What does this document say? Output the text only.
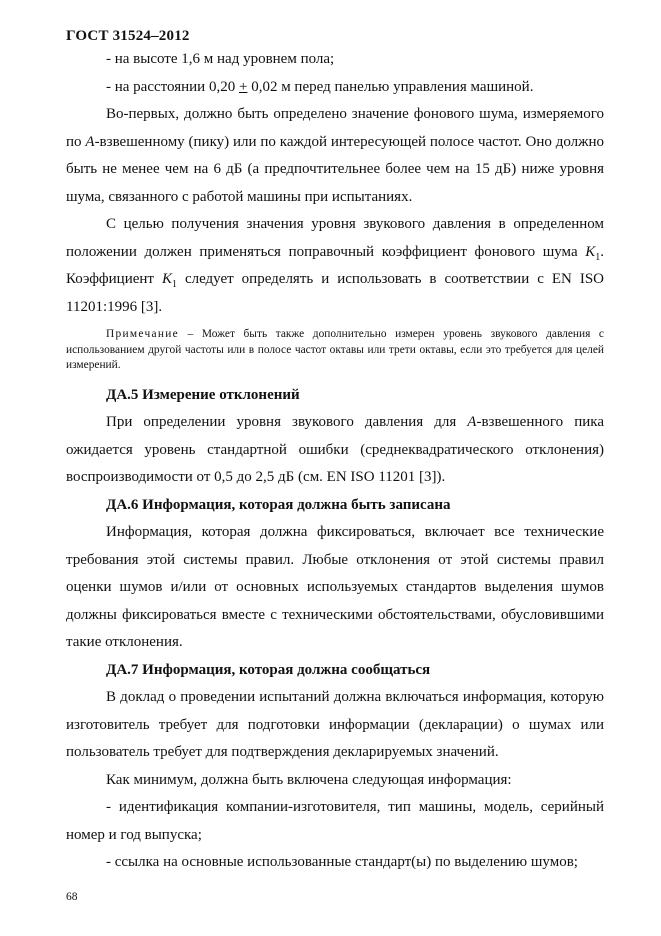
ГОСТ 31524–2012

- на высоте 1,6 м над уровнем пола;

- на расстоянии 0,20 + 0,02 м перед панелью управления машиной.

Во-первых, должно быть определено значение фонового шума, измеряемого по A-взвешенному (пику) или по каждой интересующей полосе частот. Оно должно быть не менее чем на 6 дБ (а предпочтительнее более чем на 15 дБ) ниже уровня шума, связанного с работой машины при испытаниях.

С целью получения значения уровня звукового давления в определенном положении должен применяться поправочный коэффициент фонового шума $K_1$. Коэффициент $K_1$ следует определять и использовать в соответствии с EN ISO 11201:1996 [3].

Примечание – Может быть также дополнительно измерен уровень звукового давления с использованием другой частоты или в полосе частот октавы или трети октавы, если это требуется для целей измерений.

ДА.5 Измерение отклонений

При определении уровня звукового давления для A-взвешенного пика ожидается уровень стандартной ошибки (среднеквадратического отклонения) воспроизводимости от 0,5 до 2,5 дБ (см. EN ISO 11201 [3]).

ДА.6 Информация, которая должна быть записана

Информация, которая должна фиксироваться, включает все технические требования этой системы правил. Любые отклонения от этой системы правил оценки шумов и/или от основных используемых стандартов выделения шумов должны фиксироваться вместе с техническими обстоятельствами, обусловившими такие отклонения.

ДА.7 Информация, которая должна сообщаться

В доклад о проведении испытаний должна включаться информация, которую изготовитель требует для подготовки информации (декларации) о шумах или пользователь требует для подтверждения декларируемых значений.

Как минимум, должна быть включена следующая информация:

- идентификация компании-изготовителя, тип машины, модель, серийный номер и год выпуска;

- ссылка на основные использованные стандарт(ы) по выделению шумов;

68
